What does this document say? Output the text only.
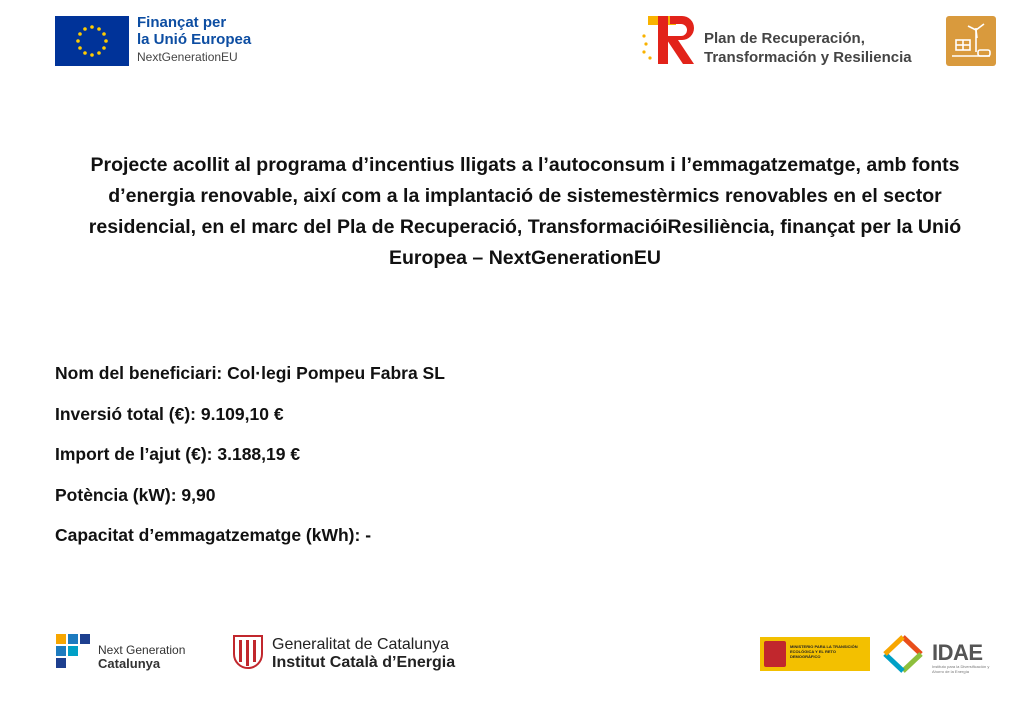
Finançat per
la Unió Europea
NextGenerationEU
Plan de Recuperación,
Transformación y Resiliencia
Projecte acollit al programa d’incentius lligats a l’autoconsum i l’emmagatzematge, amb fonts d’energia renovable, així com a la implantació de sistemestèrmics renovables en el sector residencial, en el marc del Pla de Recuperació, TransformacióiResiliència, finançat per la Unió Europea – NextGenerationEU
Nom del beneficiari: Col·legi Pompeu Fabra SL
Inversió total (€): 9.109,10 €
Import de l’ajut (€): 3.188,19 €
Potència (kW): 9,90
Capacitat d’emmagatzematge (kWh): -
Next Generation
Catalunya
Generalitat de Catalunya
Institut Català d’Energia
MINISTERIO PARA LA TRANSICIÓN ECOLÓGICA Y EL RETO DEMOGRÁFICO	IDAE
Instituto para la Diversificación y Ahorro de la Energía
